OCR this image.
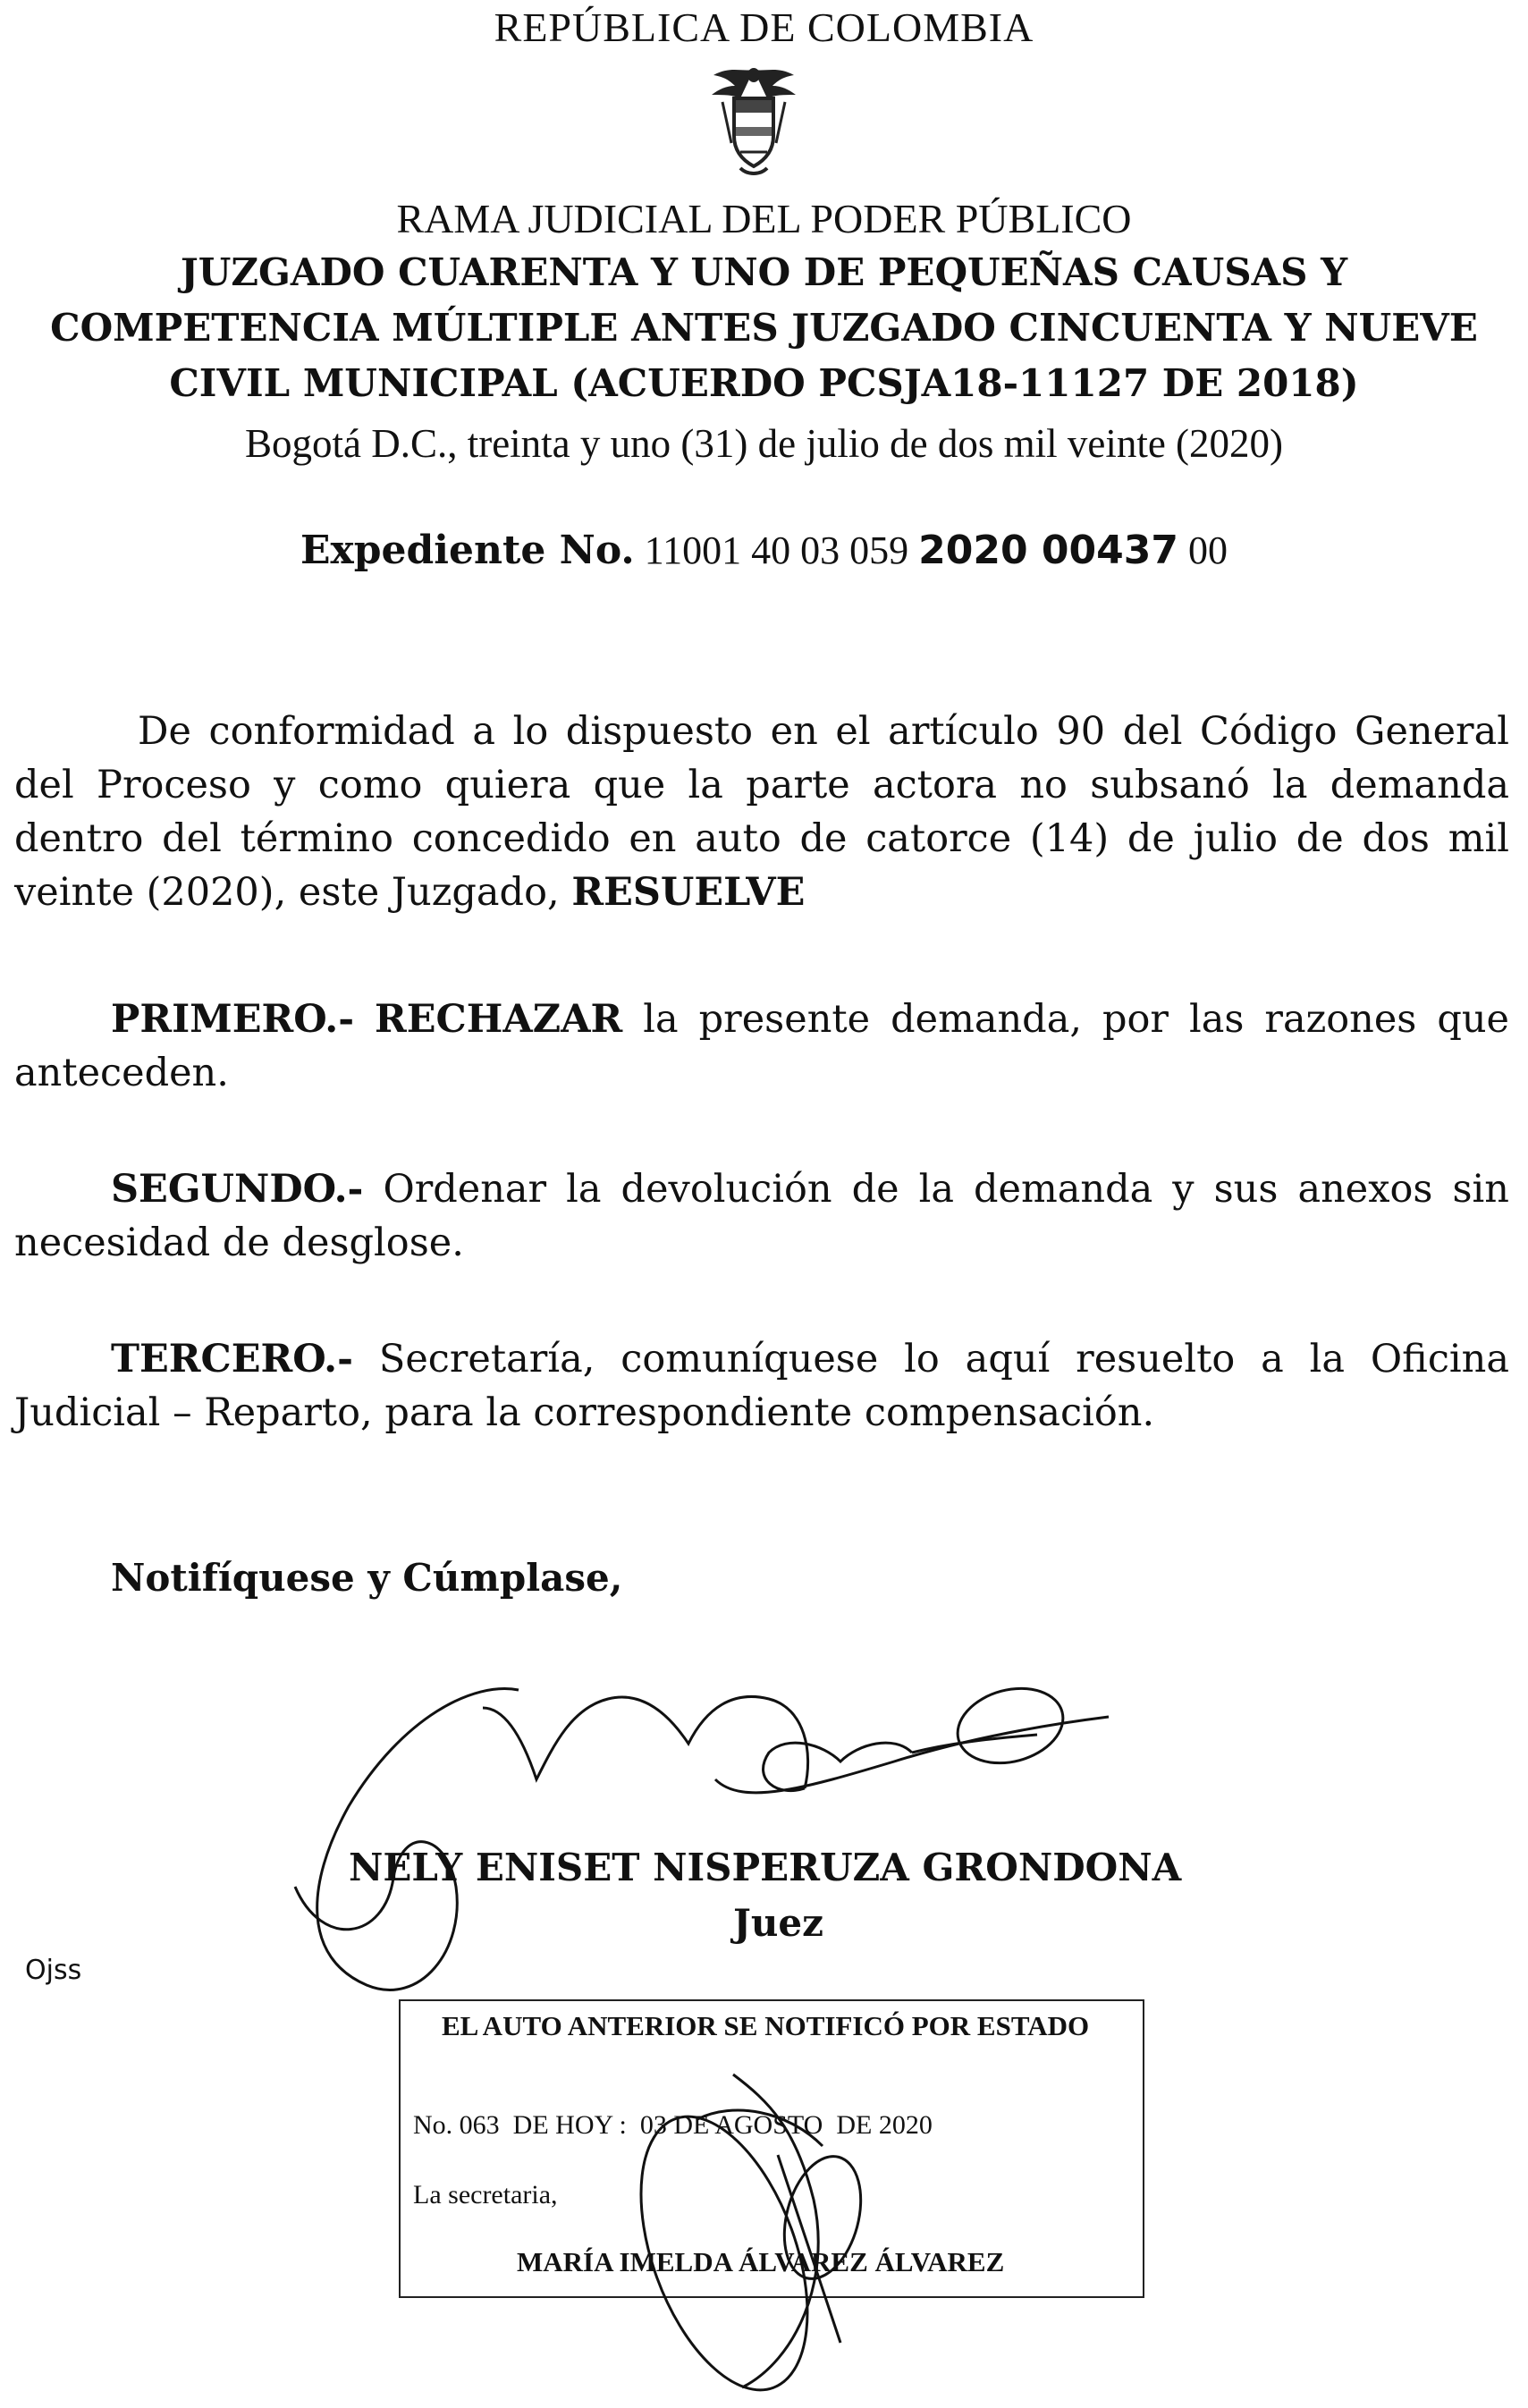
REPÚBLICA DE COLOMBIA
RAMA JUDICIAL DEL PODER PÚBLICO
JUZGADO CUARENTA Y UNO DE PEQUEÑAS CAUSAS Y
COMPETENCIA MÚLTIPLE ANTES JUZGADO CINCUENTA Y NUEVE
CIVIL MUNICIPAL (ACUERDO PCSJA18-11127 DE 2018)
Bogotá D.C., treinta y uno (31) de julio de dos mil veinte (2020)
Expediente No. 11001 40 03 059 2020 00437 00
De conformidad a lo dispuesto en el artículo 90 del Código General del Proceso y como quiera que la parte actora no subsanó la demanda dentro del término concedido en auto de catorce (14) de julio de dos mil veinte (2020), este Juzgado, RESUELVE
PRIMERO.- RECHAZAR la presente demanda, por las razones que anteceden.
SEGUNDO.- Ordenar la devolución de la demanda y sus anexos sin necesidad de desglose.
TERCERO.- Secretaría, comuníquese lo aquí resuelto a la Oficina Judicial – Reparto, para la correspondiente compensación.
Notifíquese y Cúmplase,
NELY ENISET NISPERUZA GRONDONA
Juez
Ojss
EL AUTO ANTERIOR SE NOTIFICÓ POR ESTADO
No. 063  DE HOY :  03 DE AGOSTO  DE 2020
La secretaria,
MARÍA IMELDA ÁLVAREZ ÁLVAREZ
